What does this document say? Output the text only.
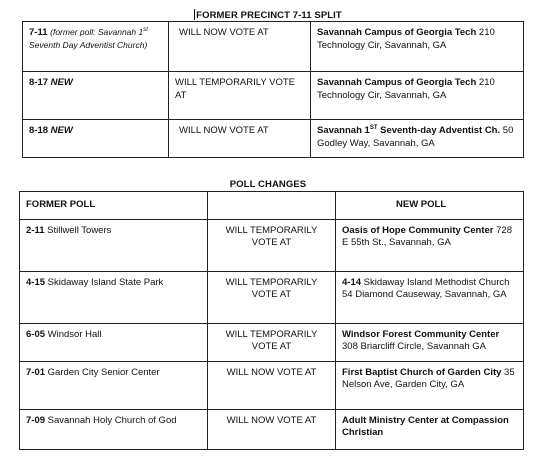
FORMER PRECINCT 7-11 SPLIT
7-11 (former poll: Savannah 1st Seventh Day Adventist Church)	WILL NOW VOTE AT	Savannah Campus of Georgia Tech 210 Technology Cir, Savannah, GA
8-17 NEW	WILL TEMPORARILY VOTE AT	Savannah Campus of Georgia Tech 210 Technology Cir, Savannah, GA
8-18 NEW	WILL NOW VOTE AT	Savannah 1ST Seventh-day Adventist Ch. 50 Godley Way, Savannah, GA
POLL CHANGES
FORMER POLL		NEW POLL
2-11 Stillwell Towers	WILL TEMPORARILY VOTE AT	Oasis of Hope Community Center 728 E 55th St., Savannah, GA
4-15 Skidaway Island State Park	WILL TEMPORARILY VOTE AT	4-14 Skidaway Island Methodist Church 54 Diamond Causeway, Savannah, GA
6-05 Windsor Hall	WILL TEMPORARILY VOTE AT	Windsor Forest Community Center 308 Briarcliff Circle, Savannah GA
7-01 Garden City Senior Center	WILL NOW VOTE AT	First Baptist Church of Garden City 35 Nelson Ave, Garden City, GA
7-09 Savannah Holy Church of God	WILL NOW VOTE AT	Adult Ministry Center at Compassion Christian
